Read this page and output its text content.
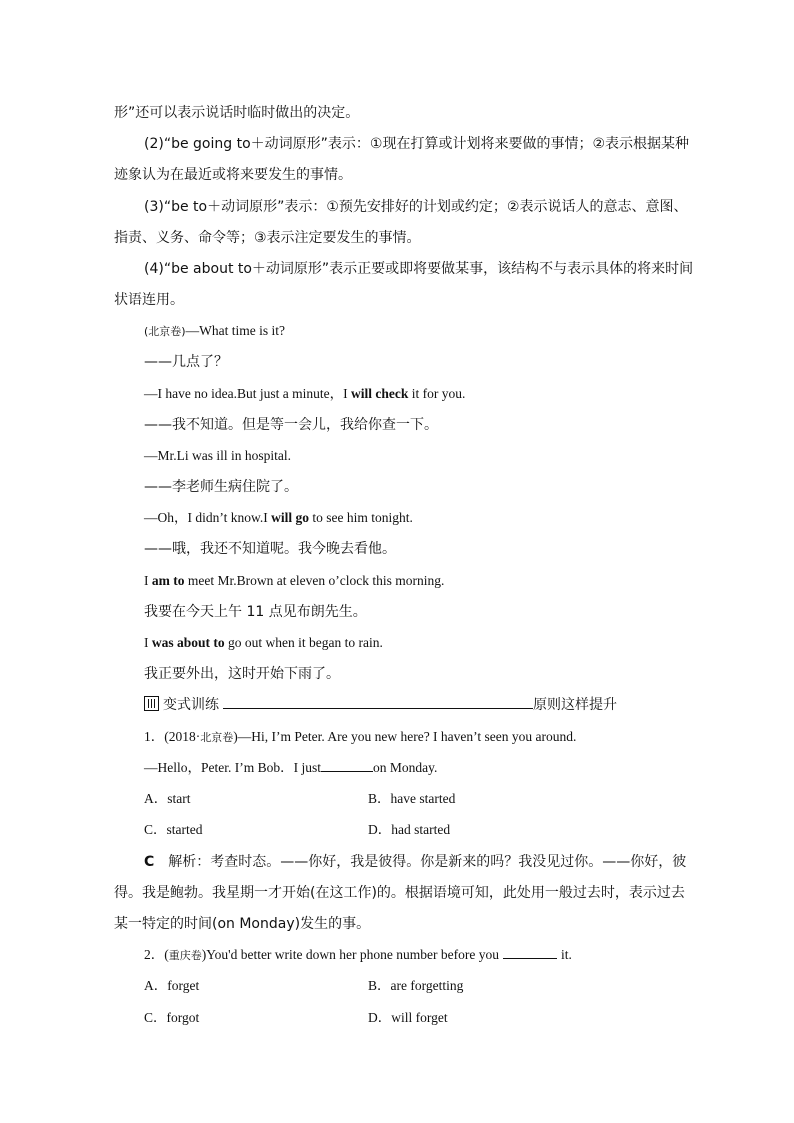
形”还可以表示说话时临时做出的决定。
(2)“be going to＋动词原形”表示：①现在打算或计划将来要做的事情；②表示根据某种
迹象认为在最近或将来要发生的事情。
(3)“be to＋动词原形”表示：①预先安排好的计划或约定；②表示说话人的意志、意图、
指责、义务、命令等；③表示注定要发生的事情。
(4)“be about to＋动词原形”表示正要或即将要做某事，该结构不与表示具体的将来时间
状语连用。
(北京卷)—What time is it?
——几点了？
—I have no idea.But just a minute，I will check it for you.
——我不知道。但是等一会儿，我给你查一下。
—Mr.Li was ill in hospital.
——李老师生病住院了。
—Oh，I didn’t know.I will go to see him tonight.
——哦，我还不知道呢。我今晚去看他。
I am to meet Mr.Brown at eleven o’clock this morning.
我要在今天上午 11 点见布朗先生。
I was about to go out when it began to rain.
我正要外出，这时开始下雨了。
变式训练	原则这样提升
1．(2018·北京卷)—Hi, I’m Peter. Are you new here? I haven’t seen you around.
—Hello，Peter. I’m Bob．I just	on Monday.
A．start	B．have started
C．started	D．had started
C 解析：考查时态。——你好，我是彼得。你是新来的吗？我没见过你。——你好，彼
得。我是鲍勃。我星期一才开始(在这工作)的。根据语境可知，此处用一般过去时，表示过去
某一特定的时间(on Monday)发生的事。
2．(重庆卷)You'd better write down her phone number before you	it.
A．forget	B．are forgetting
C．forgot	D．will forget
